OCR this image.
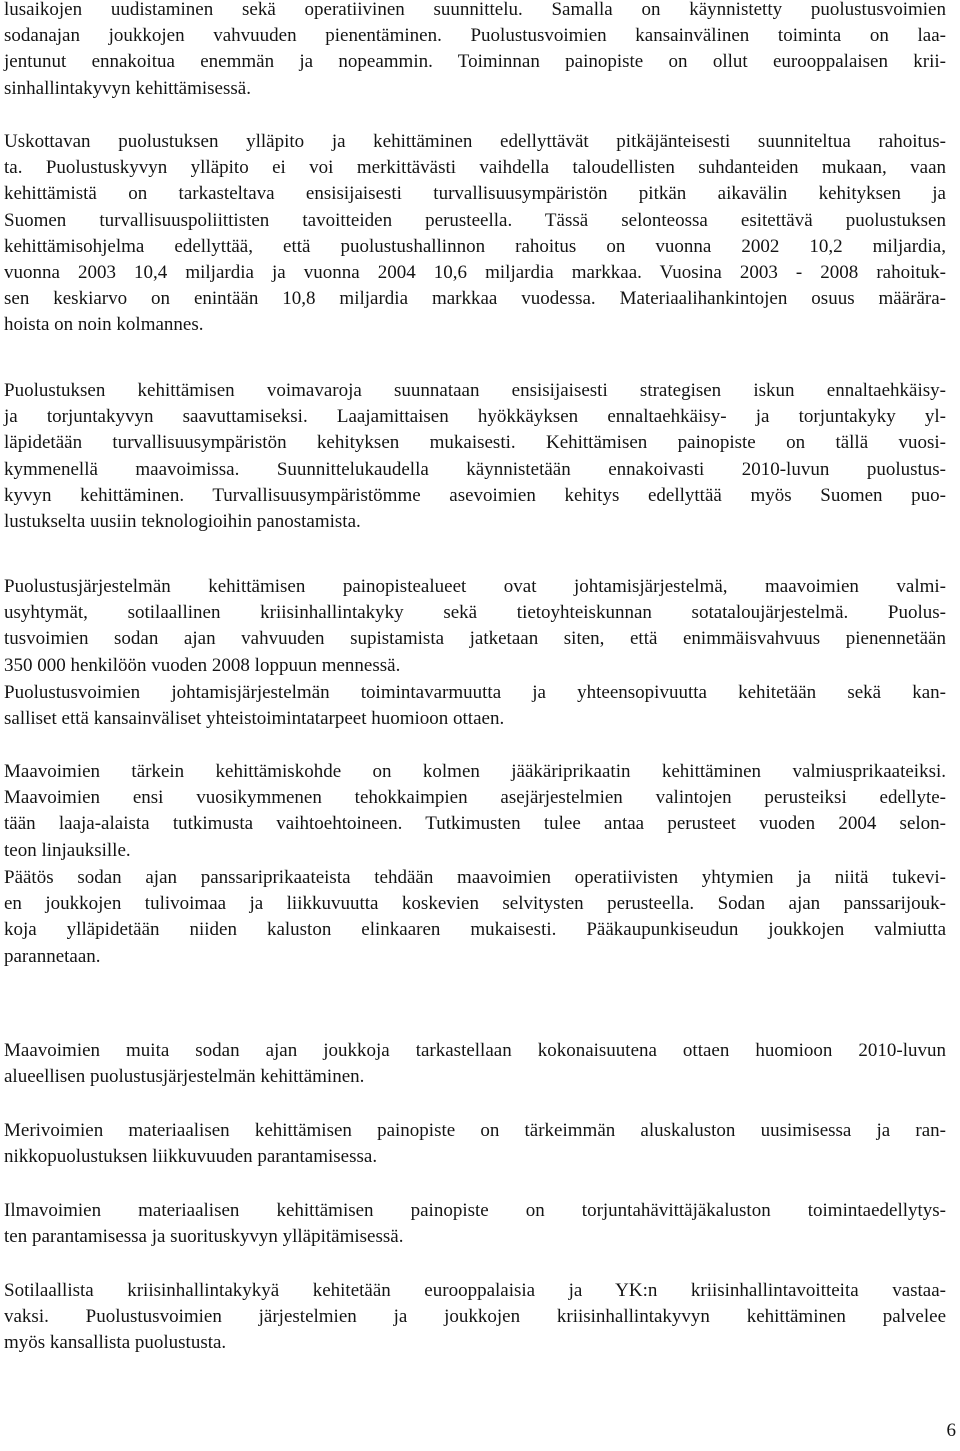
lusaikojen uudistaminen sekä operatiivinen suunnittelu. Samalla on käynnistetty puolustusvoimien
sodanajan joukkojen vahvuuden pienentäminen. Puolustusvoimien kansainvälinen toiminta on laa-
jentunut ennakoitua enemmän ja nopeammin. Toiminnan painopiste on ollut eurooppalaisen krii-
sinhallintakyvyn kehittämisessä.
Uskottavan puolustuksen ylläpito ja kehittäminen edellyttävät pitkäjänteisesti suunniteltua rahoitus-
ta. Puolustuskyvyn ylläpito ei voi merkittävästi vaihdella taloudellisten suhdanteiden mukaan, vaan
kehittämistä on tarkasteltava ensisijaisesti turvallisuusympäristön pitkän aikavälin kehityksen ja
Suomen turvallisuuspoliittisten tavoitteiden perusteella. Tässä selonteossa esitettävä puolustuksen
kehittämisohjelma edellyttää, että puolustushallinnon rahoitus on vuonna 2002 10,2 miljardia,
vuonna 2003 10,4 miljardia ja vuonna 2004 10,6 miljardia markkaa. Vuosina 2003 - 2008 rahoituk-
sen keskiarvo on enintään 10,8 miljardia markkaa vuodessa. Materiaalihankintojen osuus määrära-
hoista on noin kolmannes.
Puolustuksen kehittämisen voimavaroja suunnataan ensisijaisesti strategisen iskun ennaltaehkäisy-
ja torjuntakyvyn saavuttamiseksi. Laajamittaisen hyökkäyksen ennaltaehkäisy- ja torjuntakyky yl-
läpidetään turvallisuusympäristön kehityksen mukaisesti. Kehittämisen painopiste on tällä vuosi-
kymmenellä maavoimissa. Suunnittelukaudella käynnistetään ennakoivasti 2010-luvun puolustus-
kyvyn kehittäminen. Turvallisuusympäristömme asevoimien kehitys edellyttää myös Suomen puo-
lustukselta uusiin teknologioihin panostamista.
Puolustusjärjestelmän kehittämisen painopistealueet ovat johtamisjärjestelmä, maavoimien valmi-
usyhtymät, sotilaallinen kriisinhallintakyky sekä tietoyhteiskunnan sotataloujärjestelmä. Puolus-
tusvoimien sodan ajan vahvuuden supistamista jatketaan siten, että enimmäisvahvuus pienennetään
350 000 henkilöön vuoden 2008 loppuun mennessä.
Puolustusvoimien johtamisjärjestelmän toimintavarmuutta ja yhteensopivuutta kehitetään sekä kan-
salliset että kansainväliset yhteistoimintatarpeet huomioon ottaen.
Maavoimien tärkein kehittämiskohde on kolmen jääkäriprikaatin kehittäminen valmiusprikaateiksi.
Maavoimien ensi vuosikymmenen tehokkaimpien asejärjestelmien valintojen perusteiksi edellyte-
tään laaja-alaista tutkimusta vaihtoehtoineen. Tutkimusten tulee antaa perusteet vuoden 2004 selon-
teon linjauksille.
Päätös sodan ajan panssariprikaateista tehdään maavoimien operatiivisten yhtymien ja niitä tukevi-
en joukkojen tulivoimaa ja liikkuvuutta koskevien selvitysten perusteella. Sodan ajan panssarijouk-
koja ylläpidetään niiden kaluston elinkaaren mukaisesti. Pääkaupunkiseudun joukkojen valmiutta
parannetaan.
Maavoimien muita sodan ajan joukkoja tarkastellaan kokonaisuutena ottaen huomioon 2010-luvun
alueellisen puolustusjärjestelmän kehittäminen.
Merivoimien materiaalisen kehittämisen painopiste on tärkeimmän aluskaluston uusimisessa ja ran-
nikkopuolustuksen liikkuvuuden parantamisessa.
Ilmavoimien materiaalisen kehittämisen painopiste on torjuntahävittäjäkaluston toimintaedellytys-
ten parantamisessa ja suorituskyvyn ylläpitämisessä.
Sotilaallista kriisinhallintakykyä kehitetään eurooppalaisia ja YK:n kriisinhallintavoitteita vastaa-
vaksi. Puolustusvoimien järjestelmien ja joukkojen kriisinhallintakyvyn kehittäminen palvelee
myös kansallista puolustusta.
6
